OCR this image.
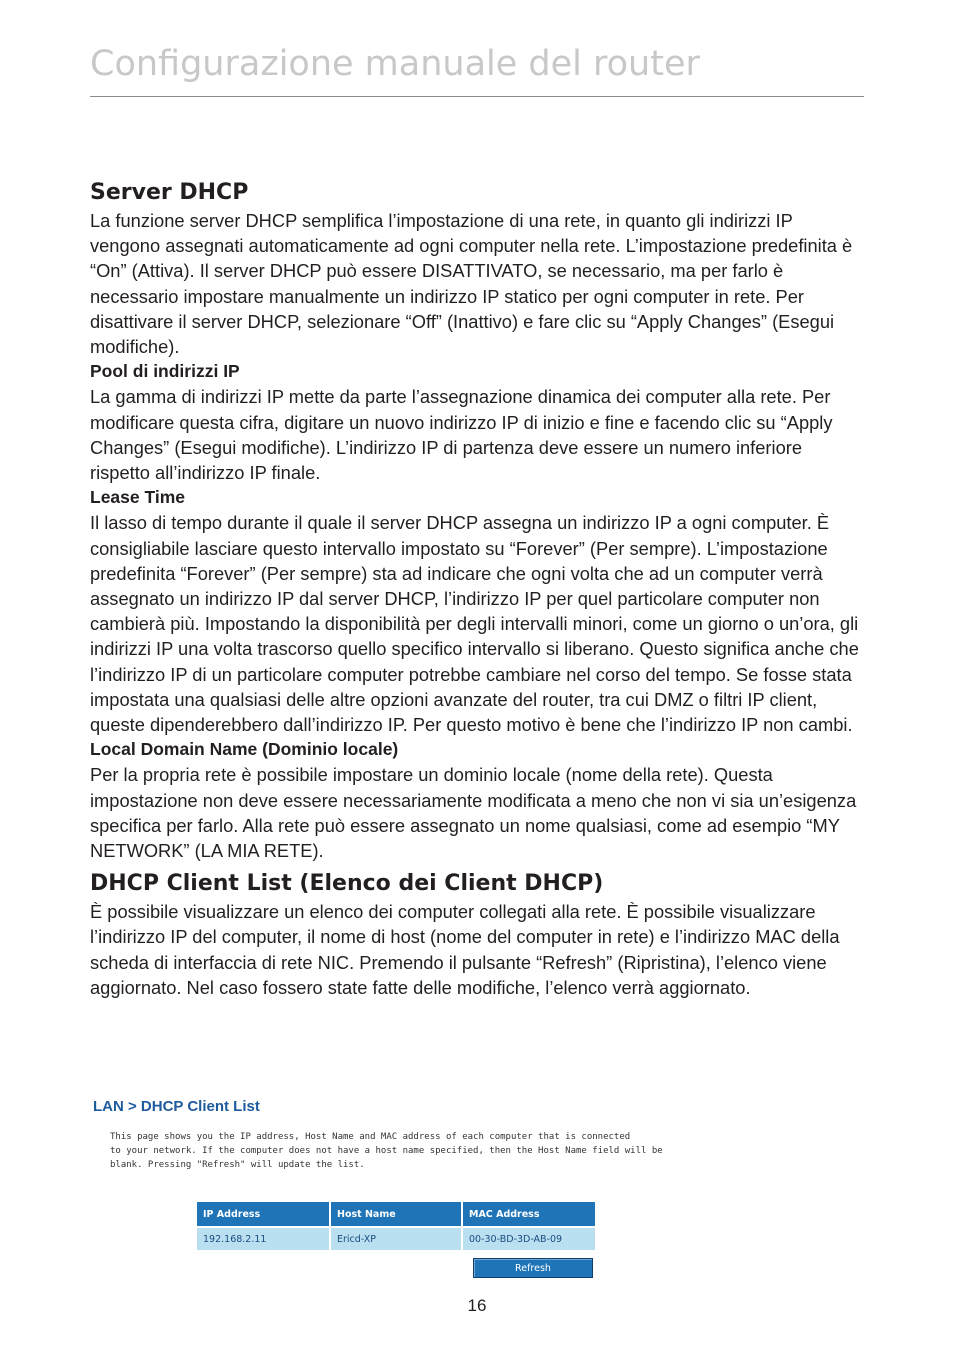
Configurazione manuale del router
Server DHCP

La funzione server DHCP semplifica l’impostazione di una rete, in quanto gli indirizzi IP vengono assegnati automaticamente ad ogni computer nella rete. L’impostazione predefinita è “On” (Attiva). Il server DHCP può essere DISATTIVATO, se necessario, ma per farlo è necessario impostare manualmente un indirizzo IP statico per ogni computer in rete. Per disattivare il server DHCP, selezionare “Off” (Inattivo) e fare clic su “Apply Changes” (Esegui modifiche).

Pool di indirizzi IP

La gamma di indirizzi IP mette da parte l’assegnazione dinamica dei computer alla rete. Per modificare questa cifra, digitare un nuovo indirizzo IP di inizio e fine e facendo clic su “Apply Changes” (Esegui modifiche). L’indirizzo IP di partenza deve essere un numero inferiore rispetto all’indirizzo IP finale.

Lease Time

Il lasso di tempo durante il quale il server DHCP assegna un indirizzo IP a ogni computer. È consigliabile lasciare questo intervallo impostato su “Forever” (Per sempre). L’impostazione predefinita “Forever” (Per sempre) sta ad indicare che ogni volta che ad un computer verrà assegnato un indirizzo IP dal server DHCP, l’indirizzo IP per quel particolare computer non cambierà più. Impostando la disponibilità per degli intervalli minori, come un giorno o un’ora, gli indirizzi IP una volta trascorso quello specifico intervallo si liberano. Questo significa anche che l’indirizzo IP di un particolare computer potrebbe cambiare nel corso del tempo. Se fosse stata impostata una qualsiasi delle altre opzioni avanzate del router, tra cui DMZ o filtri IP client, queste dipenderebbero dall’indirizzo IP. Per questo motivo è bene che l’indirizzo IP non cambi.

Local Domain Name (Dominio locale)

Per la propria rete è possibile impostare un dominio locale (nome della rete). Questa impostazione non deve essere necessariamente modificata a meno che non vi sia un’esigenza specifica per farlo. Alla rete può essere assegnato un nome qualsiasi, come ad esempio “MY NETWORK” (LA MIA RETE).

DHCP Client List (Elenco dei Client DHCP)

È possibile visualizzare un elenco dei computer collegati alla rete. È possibile visualizzare l’indirizzo IP del computer, il nome di host (nome del computer in rete) e l’indirizzo MAC della scheda di interfaccia di rete NIC. Premendo il pulsante “Refresh” (Ripristina), l’elenco viene aggiornato. Nel caso fossero state fatte delle modifiche, l’elenco verrà aggiornato.

LAN > DHCP Client List
This page shows you the IP address, Host Name and MAC address of each computer that is connected
to your network. If the computer does not have a host name specified, then the Host Name field will be
blank. Pressing "Refresh" will update the list.
IP Address	Host Name	MAC Address
192.168.2.11	Ericd-XP	00-30-BD-3D-AB-09
Refresh
16
